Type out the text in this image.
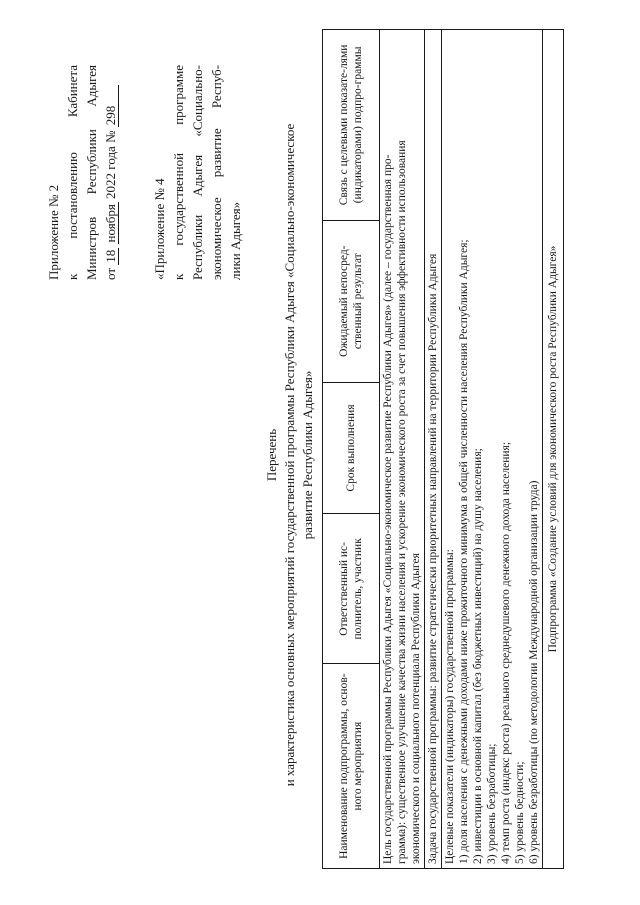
Приложение № 2 к постановлению Кабинета Министров Республики Адыгея от 18 ноября 2022 года № 298

«Приложение № 4 к государственной программе Республики Адыгея «Социально- экономическое развитие Респуб- лики Адыгея»

Перечень и характеристика основных мероприятий государственной программы Республики Адыгея «Социально-экономическое развитие Республики Адыгея»

Наименование подпрограммы, основ-ного мероприятия	Ответственный ис-полнитель, участник	Срок выполнения	Ожидаемый непосред-ственный результат	Связь с целевыми показате-лями (индикаторами) подпро-граммы

Цель государственной программы Республики Адыгея «Социально-экономическое развитие Республики Адыгея» (далее – государственная про- грамма): существенное улучшение качества жизни населения и ускорение экономического роста за счет повышения эффективности использования экономического и социального потенциала Республики Адыгея

Задача государственной программы: развитие стратегически приоритетных направлений на территории Республики Адыгея

Целевые показатели (индикаторы) государственной программы: 1) доля населения с денежными доходами ниже прожиточного минимума в общей численности населения Республики Адыгея; 2) инвестиции в основной капитал (без бюджетных инвестиций) на душу населения; 3) уровень безработицы; 4) темп роста (индекс роста) реального среднедушевого денежного дохода населения; 5) уровень бедности; 6) уровень безработицы (по методологии Международной организации труда)

Подпрограмма «Создание условий для экономического роста Республики Адыгея»
